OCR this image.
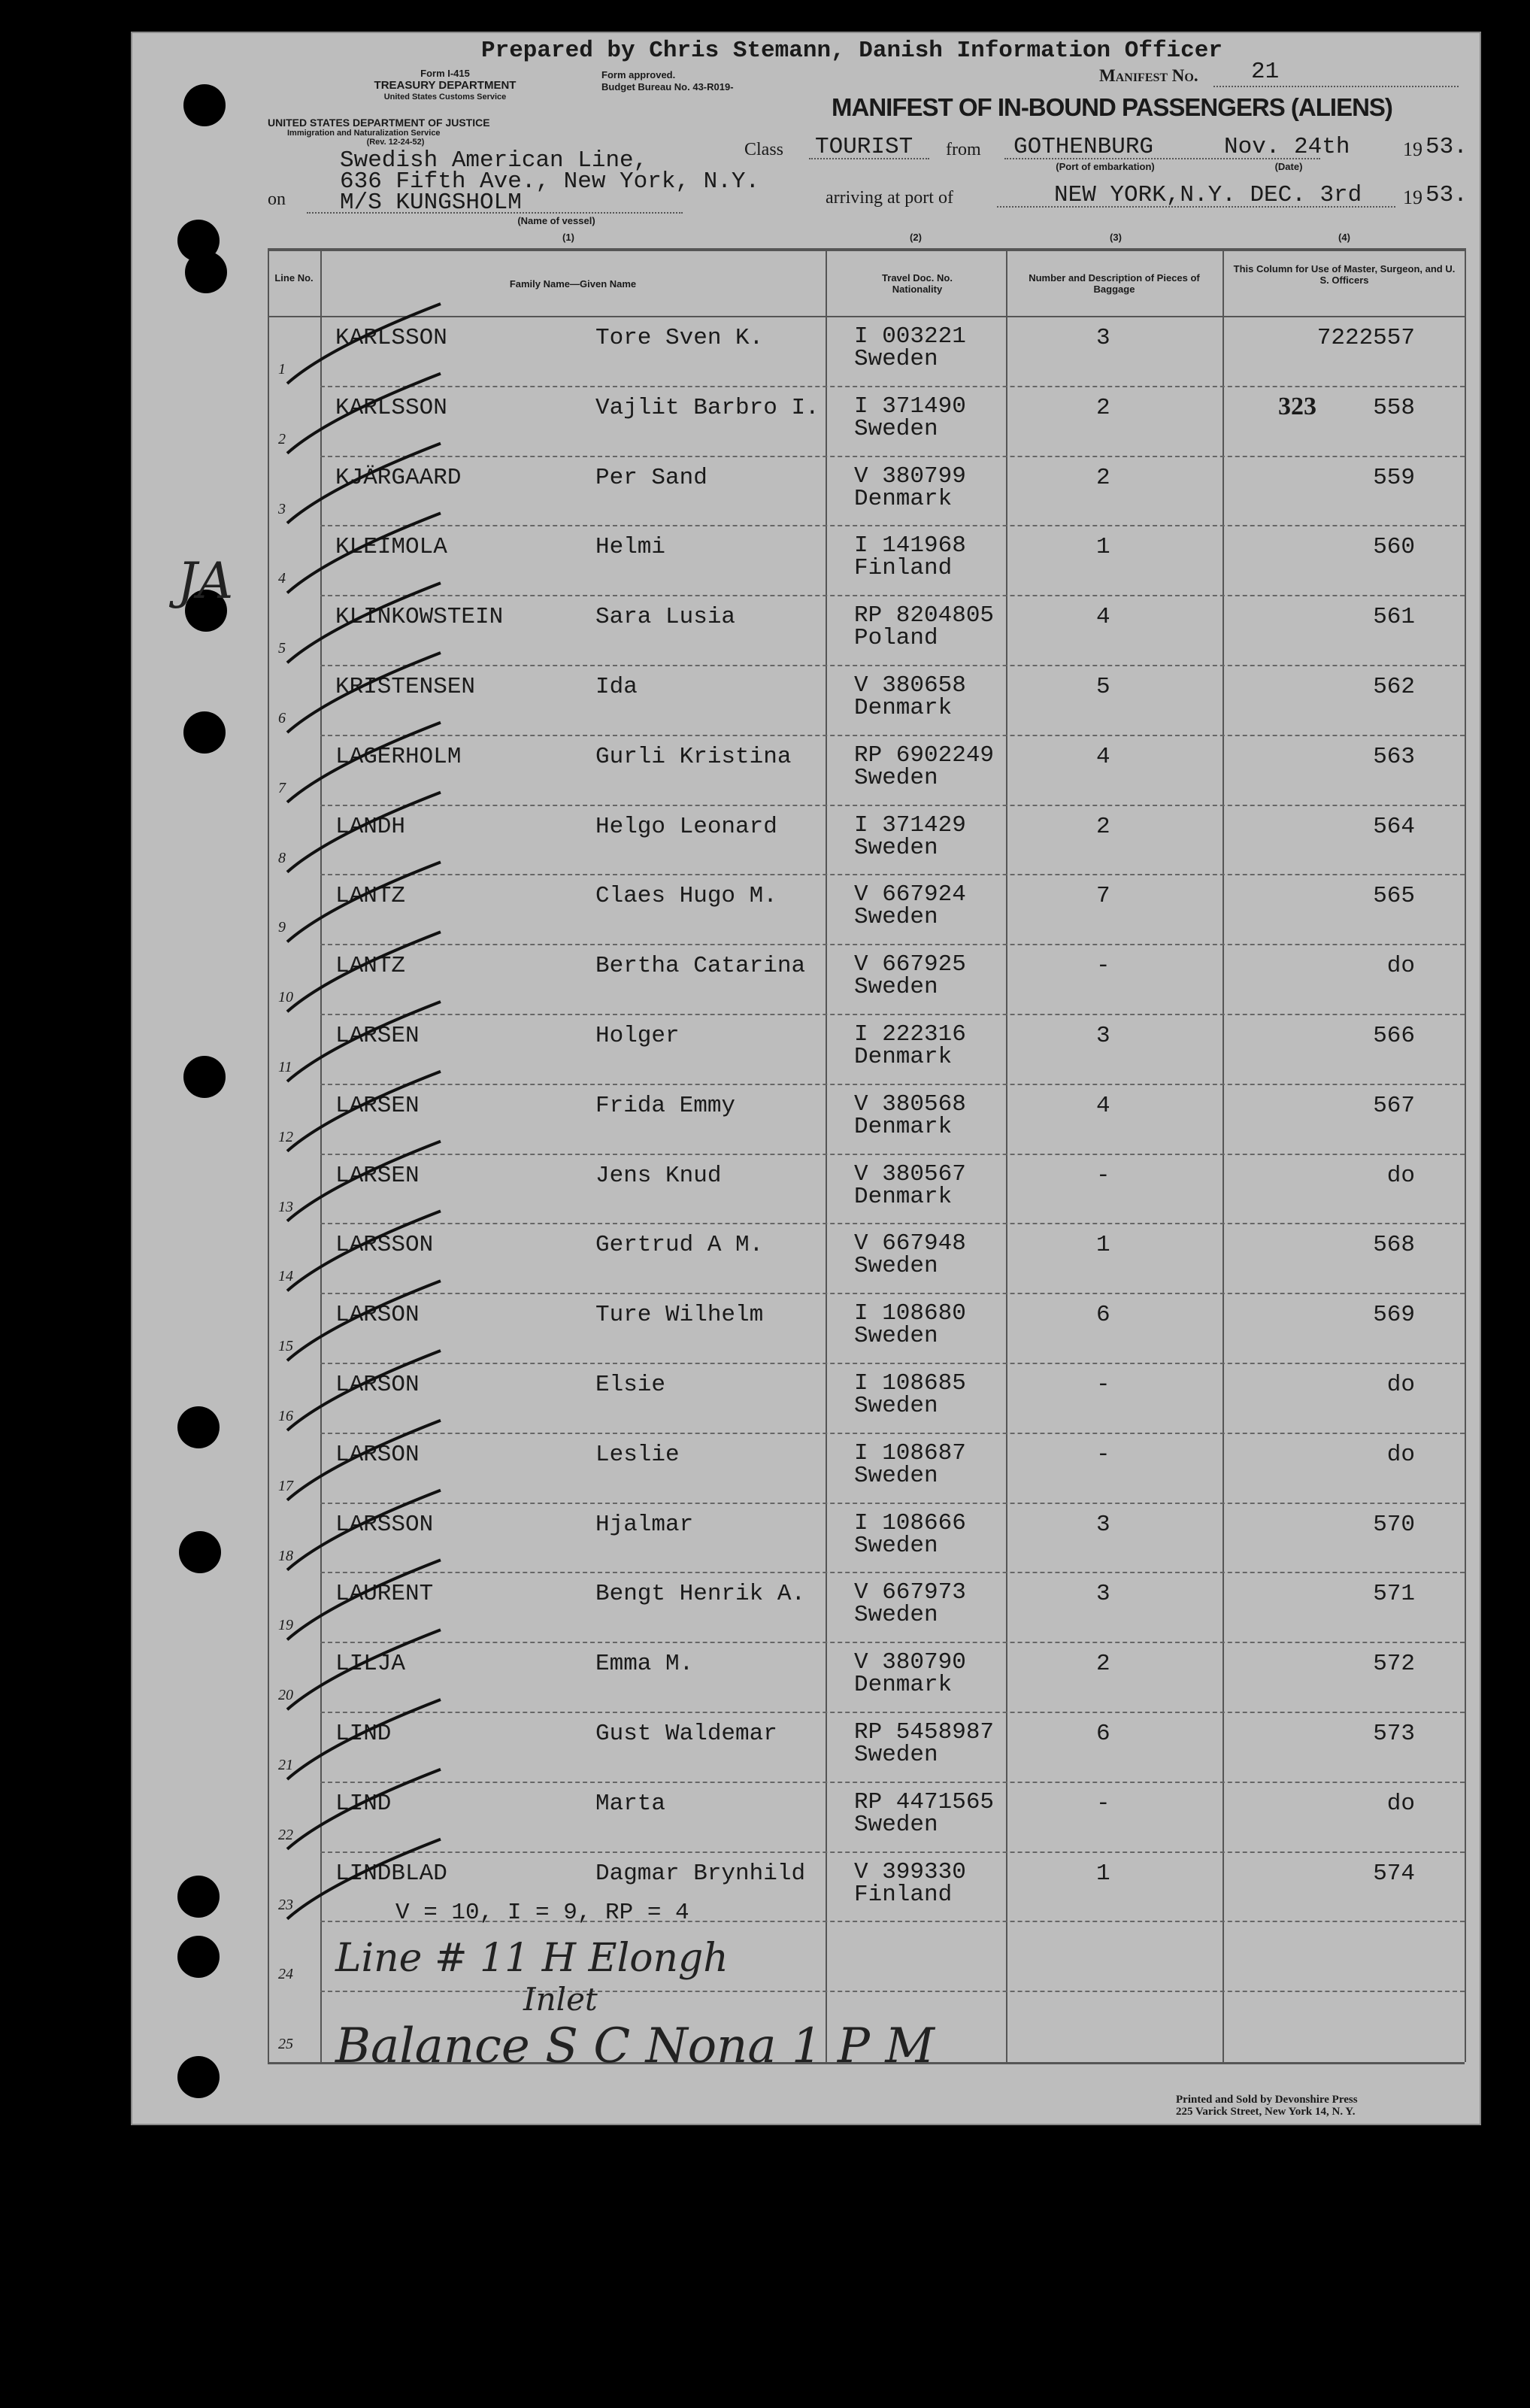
Prepared by Chris Stemann, Danish Information Officer
Form I-415
TREASURY DEPARTMENT
United States Customs Service
UNITED STATES DEPARTMENT OF JUSTICE
Immigration and Naturalization Service
(Rev. 12-24-52)
Form approved.
Budget Bureau No. 43-R019-
Manifest No. 21
MANIFEST OF IN-BOUND PASSENGERS (ALIENS)
Swedish American Line,
636 Fifth Ave., New York, N.Y.
on M/S KUNGSHOLM
(Name of vessel)
Class TOURIST from GOTHENBURG
(Port of embarkation)
Nov. 24th
(Date)
19 53.
arriving at port of	NEW YORK,N.Y. DEC. 3rd 19 53.
Line No.
Family Name—Given Name
Travel Doc. No. Nationality
Number and Description of Pieces of Baggage
This Column for Use of Master, Surgeon, and U. S. Officers
(1)	(2)	(3)	(4)
1
KARLSSON	Tore Sven K.	I 003221
Sweden
3	7222557
2
KARLSSON	Vajlit Barbro I. I 371490
Sweden
2	558
3
KJÄRGAARD	Per Sand	V 380799
Denmark
2	559
4
KLEIMOLA	Helmi	I 141968
Finland
1	560
5
KLINKOWSTEIN	Sara Lusia	RP 8204805
Poland
4	561
6
KRISTENSEN	Ida	V 380658
Denmark
5	562
7
LAGERHOLM	Gurli Kristina	RP 6902249
Sweden
4	563
8
LANDH	Helgo Leonard	I 371429
Sweden
2	564
9
LANTZ	Claes Hugo M.	V 667924
Sweden
7	565
10
LANTZ	Bertha Catarina V 667925
Sweden
-	do
11
LARSEN	Holger	I 222316
Denmark
3	566
12
LARSEN	Frida Emmy	V 380568
Denmark
4	567
13
LARSEN	Jens Knud	V 380567
Denmark
-	do
14
LARSSON	Gertrud A M.	V 667948
Sweden
1	568
15
LARSON	Ture Wilhelm	I 108680
Sweden
6	569
16
LARSON	Elsie	I 108685
Sweden
-	do
17
LARSON	Leslie	I 108687
Sweden
-	do
18
LARSSON	Hjalmar	I 108666
Sweden
3	570
19
LAURENT	Bengt Henrik A. V 667973
Sweden
3	571
20
LILJA	Emma M.	V 380790
Denmark
2	572
21
LIND	Gust Waldemar	RP 5458987
Sweden
6	573
22
LIND	Marta	RP 4471565
Sweden
-	do
23
LINDBLAD	Dagmar Brynhild V 399330
Finland
1	574
24
25
JA
323
V = 10, I = 9, RP = 4
Line # 11 H Elongh
Inlet
Balance S C Nona 1 P M
Printed and Sold by Devonshire Press
225 Varick Street, New York 14, N. Y.
